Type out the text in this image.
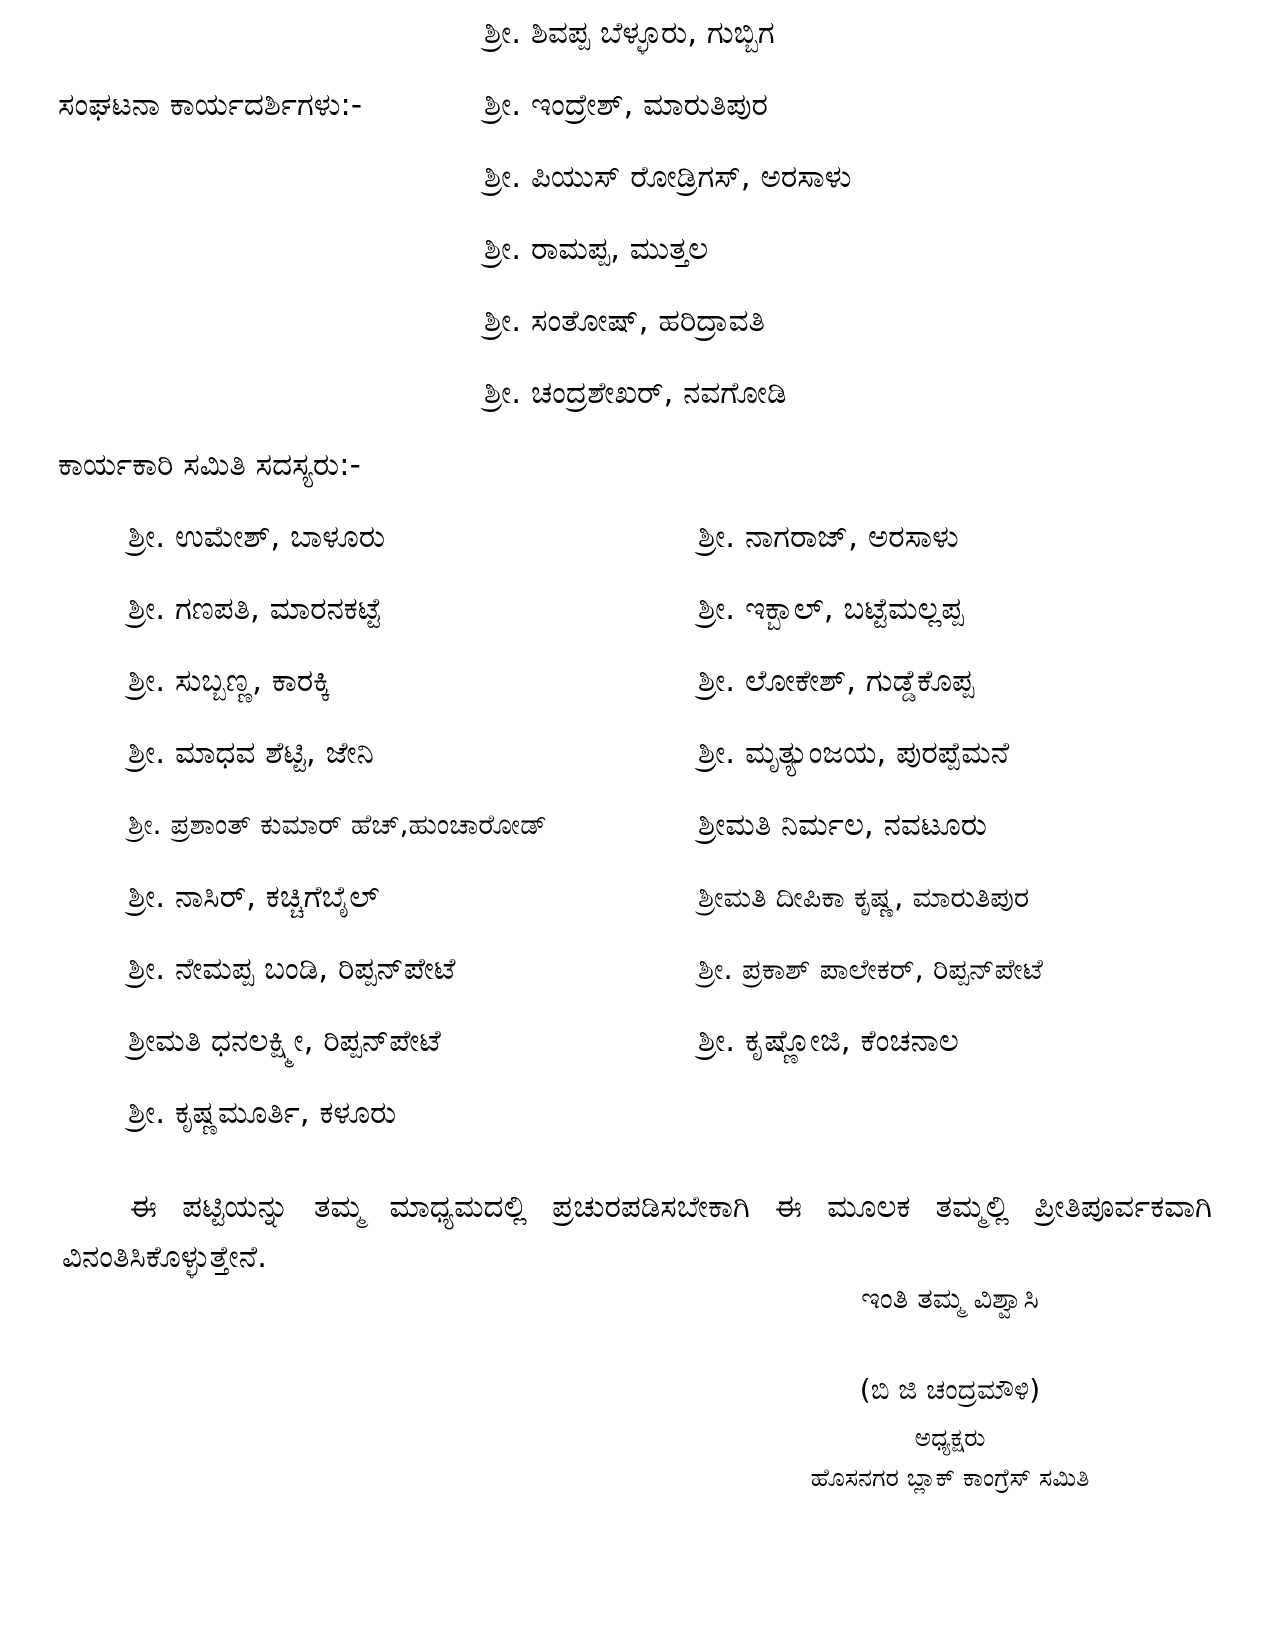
ಶ್ರೀ. ಶಿವಪ್ಪ ಬೆಳ್ಳೂರು, ಗುಬ್ಬಿಗ
ಸಂಘಟನಾ ಕಾರ್ಯದರ್ಶಿಗಳು:-	ಶ್ರೀ. ಇಂದ್ರೇಶ್, ಮಾರುತಿಪುರ
ಶ್ರೀ. ಪಿಯುಸ್ ರೋಡ್ರಿಗಸ್, ಅರಸಾಳು
ಶ್ರೀ. ರಾಮಪ್ಪ, ಮುತ್ತಲ
ಶ್ರೀ. ಸಂತೋಷ್, ಹರಿದ್ರಾವತಿ
ಶ್ರೀ. ಚಂದ್ರಶೇಖರ್, ನವಗೋಡಿ
ಕಾರ್ಯಕಾರಿ ಸಮಿತಿ ಸದಸ್ಯರು:-
ಶ್ರೀ. ಉಮೇಶ್, ಬಾಳೂರು
ಶ್ರೀ. ಗಣಪತಿ, ಮಾರನಕಟ್ಟೆ
ಶ್ರೀ. ಸುಬ್ಬಣ್ಣ, ಕಾರಕ್ಕಿ
ಶ್ರೀ. ಮಾಧವ ಶೆಟ್ಟಿ, ಜೇನಿ
ಶ್ರೀ. ಪ್ರಶಾಂತ್ ಕುಮಾರ್ ಹೆಚ್,ಹುಂಚಾರೋಡ್
ಶ್ರೀ. ನಾಸಿರ್, ಕಚ್ಚಿಗೆಬೈಲ್
ಶ್ರೀ. ನೇಮಪ್ಪ ಬಂಡಿ, ರಿಪ್ಪನ್‌ಪೇಟೆ
ಶ್ರೀಮತಿ ಧನಲಕ್ಷ್ಮೀ, ರಿಪ್ಪನ್‌ಪೇಟೆ
ಶ್ರೀ. ಕೃಷ್ಣಮೂರ್ತಿ, ಕಳೂರು
ಶ್ರೀ. ನಾಗರಾಜ್, ಅರಸಾಳು
ಶ್ರೀ. ಇಕ್ಬಾಲ್, ಬಟ್ಟೆಮಲ್ಲಪ್ಪ
ಶ್ರೀ. ಲೋಕೇಶ್, ಗುಡ್ಡೆಕೊಪ್ಪ
ಶ್ರೀ. ಮೃತ್ಯುಂಜಯ, ಪುರಪ್ಪೆಮನೆ
ಶ್ರೀಮತಿ ನಿರ್ಮಲ, ನವಟೂರು
ಶ್ರೀಮತಿ ದೀಪಿಕಾ ಕೃಷ್ಣ, ಮಾರುತಿಪುರ
ಶ್ರೀ. ಪ್ರಕಾಶ್ ಪಾಲೇಕರ್, ರಿಪ್ಪನ್‌ಪೇಟೆ
ಶ್ರೀ. ಕೃಷ್ಣೋಜಿ, ಕೆಂಚನಾಲ
ಈ ಪಟ್ಟಿಯನ್ನು ತಮ್ಮ ಮಾಧ್ಯಮದಲ್ಲಿ ಪ್ರಚುರಪಡಿಸಬೇಕಾಗಿ ಈ ಮೂಲಕ ತಮ್ಮಲ್ಲಿ ಪ್ರೀತಿಪೂರ್ವಕವಾಗಿ ವಿನಂತಿಸಿಕೊಳ್ಳುತ್ತೇನೆ.
ಇಂತಿ ತಮ್ಮ ವಿಶ್ವಾಸಿ
(ಬಿ ಜಿ ಚಂದ್ರಮೌಳಿ)
ಅಧ್ಯಕ್ಷರು
ಹೊಸನಗರ ಬ್ಲಾಕ್ ಕಾಂಗ್ರೆಸ್ ಸಮಿತಿ
